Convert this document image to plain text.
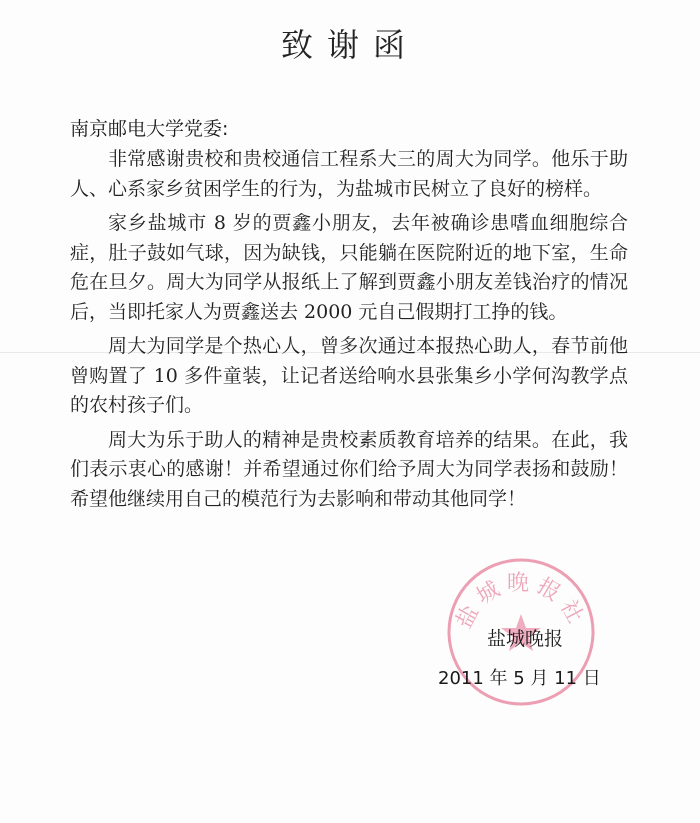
致谢函
南京邮电大学党委:

非常感谢贵校和贵校通信工程系大三的周大为同学。他乐于助人、心系家乡贫困学生的行为，为盐城市民树立了良好的榜样。

家乡盐城市 8 岁的贾鑫小朋友，去年被确诊患嗜血细胞综合症，肚子鼓如气球，因为缺钱，只能躺在医院附近的地下室，生命危在旦夕。周大为同学从报纸上了解到贾鑫小朋友差钱治疗的情况后，当即托家人为贾鑫送去 2000 元自己假期打工挣的钱。

周大为同学是个热心人，曾多次通过本报热心助人，春节前他曾购置了 10 多件童装，让记者送给响水县张集乡小学何沟教学点的农村孩子们。

周大为乐于助人的精神是贵校素质教育培养的结果。在此，我们表示衷心的感谢！并希望通过你们给予周大为同学表扬和鼓励！希望他继续用自己的模范行为去影响和带动其他同学！

盐城晚报社
盐城晚报
2011 年 5 月 11 日
